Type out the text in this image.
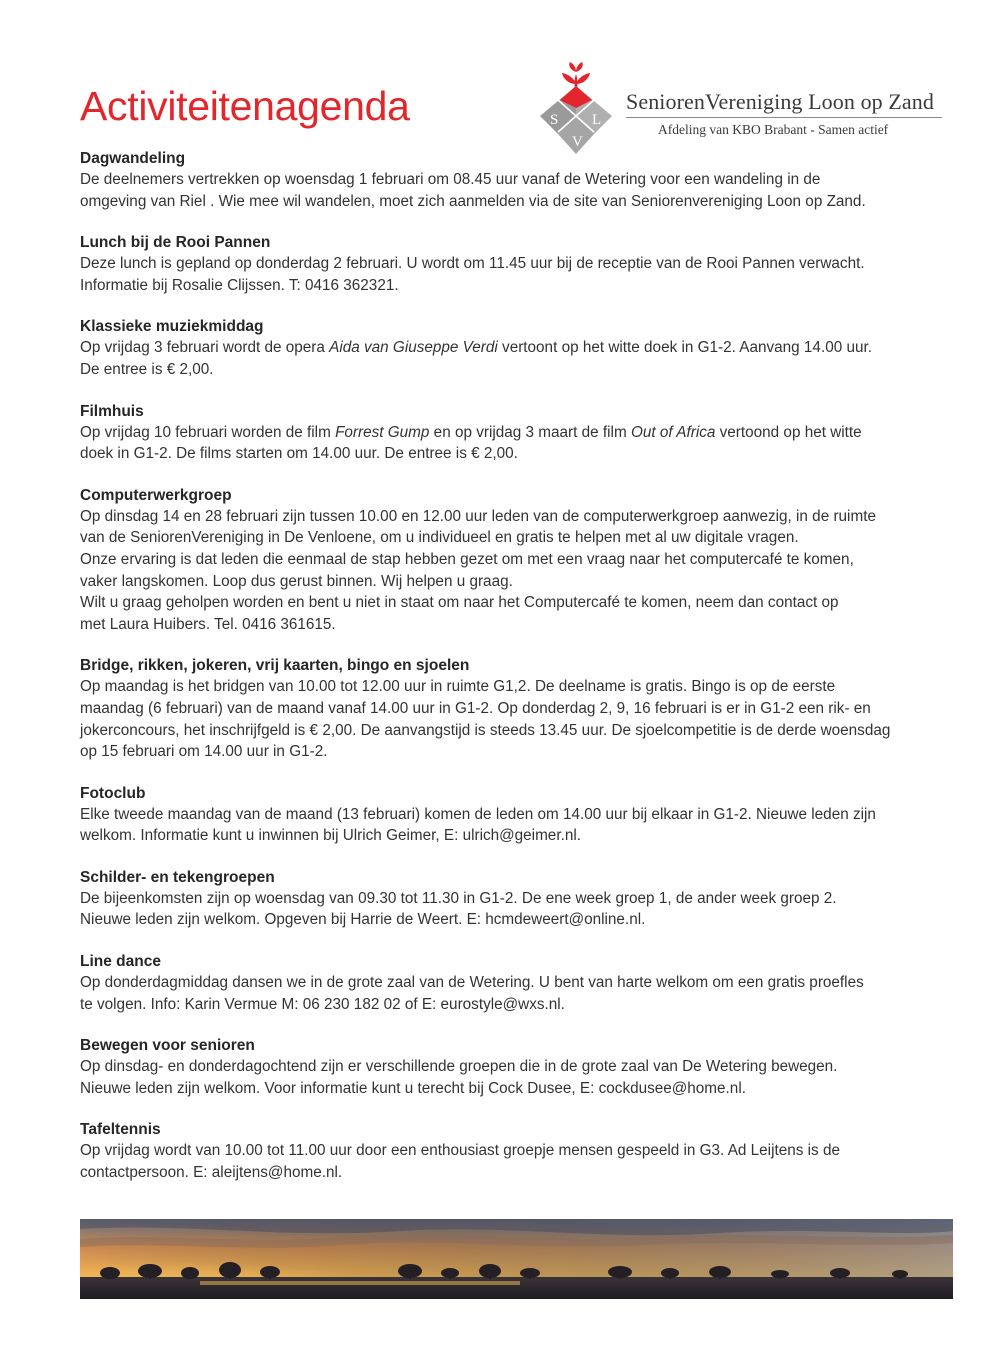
Activiteitenagenda	S
V
L
SeniorenVereniging Loon op Zand
Afdeling van KBO Brabant - Samen actief
Dagwandeling

De deelnemers vertrekken op woensdag 1 februari om 08.45 uur vanaf de Wetering voor een wandeling in de
omgeving van Riel . Wie mee wil wandelen, moet zich aanmelden via de site van Seniorenvereniging Loon op Zand.

Lunch bij de Rooi Pannen

Deze lunch is gepland op donderdag 2 februari. U wordt om 11.45 uur bij de receptie van de Rooi Pannen verwacht.
Informatie bij Rosalie Clijssen. T: 0416 362321.

Klassieke muziekmiddag

Op vrijdag 3 februari wordt de opera Aida van Giuseppe Verdi vertoont op het witte doek in G1-2. Aanvang 14.00 uur.
De entree is € 2,00.

Filmhuis

Op vrijdag 10 februari worden de film Forrest Gump en op vrijdag 3 maart de film Out of Africa vertoond op het witte
doek in G1-2. De films starten om 14.00 uur. De entree is € 2,00.

Computerwerkgroep

Op dinsdag 14 en 28 februari zijn tussen 10.00 en 12.00 uur leden van de computerwerkgroep aanwezig, in de ruimte
van de SeniorenVereniging in De Venloene, om u individueel en gratis te helpen met al uw digitale vragen.
Onze ervaring is dat leden die eenmaal de stap hebben gezet om met een vraag naar het computercafé te komen,
vaker langskomen. Loop dus gerust binnen. Wij helpen u graag.
Wilt u graag geholpen worden en bent u niet in staat om naar het Computercafé te komen, neem dan contact op
met Laura Huibers. Tel. 0416 361615.

Bridge, rikken, jokeren, vrij kaarten, bingo en sjoelen

Op maandag is het bridgen van 10.00 tot 12.00 uur in ruimte G1,2. De deelname is gratis. Bingo is op de eerste
maandag (6 februari) van de maand vanaf 14.00 uur in G1-2. Op donderdag 2, 9, 16 februari is er in G1-2 een rik- en
jokerconcours, het inschrijfgeld is € 2,00. De aanvangstijd is steeds 13.45 uur. De sjoelcompetitie is de derde woensdag
op 15 februari om 14.00 uur in G1-2.

Fotoclub

Elke tweede maandag van de maand (13 februari) komen de leden om 14.00 uur bij elkaar in G1-2. Nieuwe leden zijn
welkom. Informatie kunt u inwinnen bij Ulrich Geimer, E: ulrich@geimer.nl.

Schilder- en tekengroepen

De bijeenkomsten zijn op woensdag van 09.30 tot 11.30 in G1-2. De ene week groep 1, de ander week groep 2.
Nieuwe leden zijn welkom. Opgeven bij Harrie de Weert. E: hcmdeweert@online.nl.

Line dance

Op donderdagmiddag dansen we in de grote zaal van de Wetering. U bent van harte welkom om een gratis proefles
te volgen. Info: Karin Vermue M: 06 230 182 02 of E: eurostyle@wxs.nl.

Bewegen voor senioren

Op dinsdag- en donderdagochtend zijn er verschillende groepen die in de grote zaal van De Wetering bewegen.
Nieuwe leden zijn welkom. Voor informatie kunt u terecht bij Cock Dusee, E: cockdusee@home.nl.

Tafeltennis

Op vrijdag wordt van 10.00 tot 11.00 uur door een enthousiast groepje mensen gespeeld in G3. Ad Leijtens is de
contactpersoon. E: aleijtens@home.nl.
